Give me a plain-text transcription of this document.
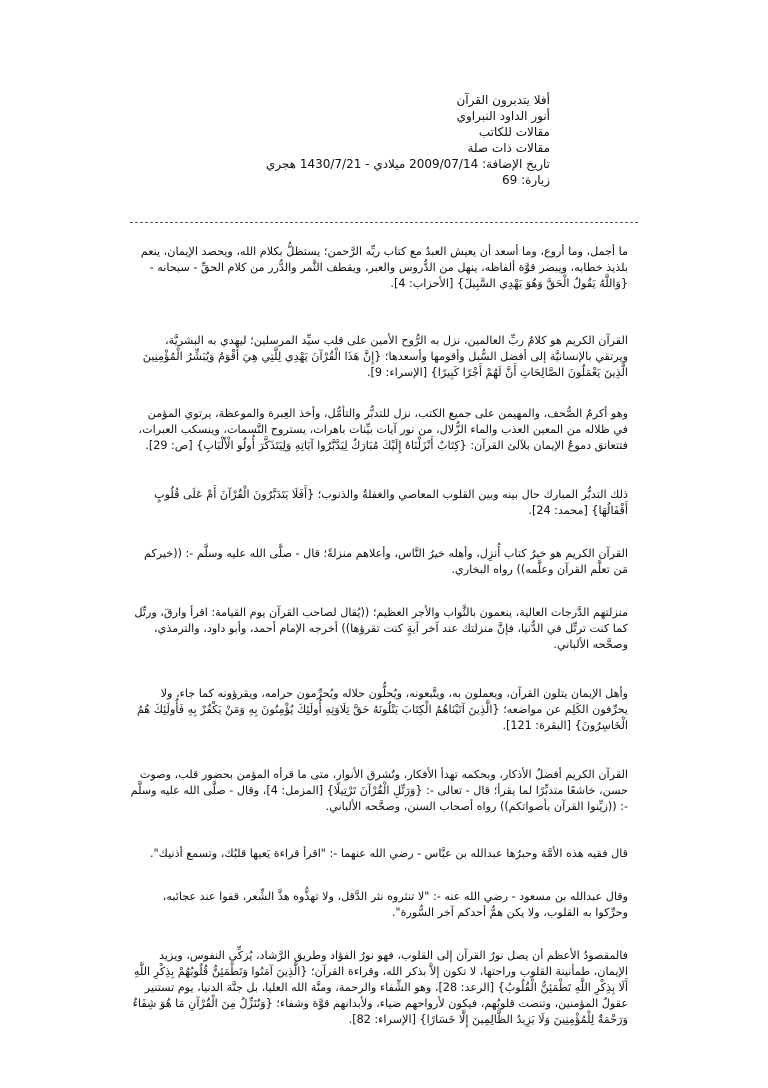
أفلا يتدبرون القرآن
أنور الداود النبراوي
مقالات للكاتب
مقالات ذات صلة
تاريخ الإضافة: 2009/07/14 ميلادي - 1430/7/21 هجري
زيارة: 69

ما أجمل، وما أروع، وما أسعد أن يعيش العبدُ مع كتاب ربِّه الرَّحمن؛ يستظلُّ بكلام الله، ويحصد الإيمان، ينعم بلذيذ خطابه، ويبصر قوَّة ألفاظه، ينهل من الدُّروس والعبر، ويقطف الثَّمر والدُّرر من كلام الحقِّ - سبحانه - {وَاللَّهُ يَقُولُ الْحَقَّ وَهُوَ يَهْدِي السَّبِيلَ} [الأحزاب: 4].

القرآن الكريم هو كلامُ ربِّ العالمين، نزل به الرُّوح الأمين على قلب سيِّد المرسلين؛ ليهدي به البشريَّة، ويرتقي بالإنسانيَّة إلى أفضل السُّبل وأقومها وأسعدها؛ {إِنَّ هَذَا الْقُرْآنَ يَهْدِي لِلَّتِي هِيَ أَقْوَمُ وَيُبَشِّرُ الْمُؤْمِنِينَ الَّذِينَ يَعْمَلُونَ الصَّالِحَاتِ أَنَّ لَهُمْ أَجْرًا كَبِيرًا} [الإسراء: 9].

وهو أكرمُ الصُّحف، والمهيمن على جميع الكتب، نزل للتدبُّر والتأمُّل، وأخذ العِبرة والموعظة، يرتوي المؤمن في ظلاله من المعين العذب والماء الزُّلال، من نور آيات بيِّنات باهرات، يستروح النَّسمات، وينسكب العبرات، فتتعانق دموعُ الإيمان بلآلئ القرآن: {كِتَابٌ أَنْزَلْنَاهُ إِلَيْكَ مُبَارَكٌ لِيَدَّبَّرُوا آيَاتِهِ وَلِيَتَذَكَّرَ أُولُو الْأَلْبَابِ} [ص: 29].

ذلك التدبُّر المبارك حال بينه وبين القلوب المعاصي والغفلةُ والذنوب؛ {أَفَلَا يَتَدَبَّرُونَ الْقُرْآنَ أَمْ عَلَى قُلُوبٍ أَقْفَالُهَا} [محمد: 24].

القرآن الكريم هو خيرُ كتاب أُنزِل، وأهله خيرُ النَّاس، وأعلاهم منزلةً؛ قال - صلَّى الله عليه وسلَّم -: ((خيركم مَن تعلَّم القرآن وعلَّمه)) رواه البخاري.

منزلتهم الدَّرجات العالية، ينعمون بالثَّواب والأجر العظيم؛ ((يُقال لصاحب القرآن يوم القيامة: اقرأ وارقَ، ورتِّل كما كنت ترتِّل في الدُّنيا، فإنَّ منزلتك عند آخر آيةٍ كنت تقرؤها)) أخرجه الإمام أحمد، وأبو داود، والترمذي، وصحَّحه الألباني.

وأهل الإيمان يتلون القرآن، ويعملون به، ويتَّبعونه، ويُحلُّون حلاله ويُحرِّمون حرامه، ويقرؤونه كما جاء، ولا يحرِّفون الكَلِم عن مواضعه؛ {الَّذِينَ آتَيْنَاهُمُ الْكِتَابَ يَتْلُونَهُ حَقَّ تِلَاوَتِهِ أُولَئِكَ يُؤْمِنُونَ بِهِ وَمَنْ يَكْفُرْ بِهِ فَأُولَئِكَ هُمُ الْخَاسِرُونَ} [البقرة: 121].

القرآن الكريم أفضلُ الأذكار، وبحكمه تهدأ الأفكار، وتُشرق الأنوار، متى ما قرأه المؤمن بحضور قلب، وصوت حسن، خاشعًا متدبِّرًا لما يقرأ؛ قال - تعالى -: {وَرَتِّلِ الْقُرْآنَ تَرْتِيلًا} [المزمل: 4]، وقال - صلَّى الله عليه وسلَّم -: ((زيِّنوا القرآن بأصواتكم)) رواه أصحاب السنن، وصحَّحه الألباني.

قال فقيه هذه الأمَّة وحبرُها عبدالله بن عبَّاس - رضي الله عنهما -: "اقرأ قراءة يَعيها قلبُك، وتسمع أذنيك".

وقال عبدالله بن مسعود - رضي الله عنه -: "لا تنثروه نثر الدَّقل، ولا تهذُّوه هذَّ الشِّعر، قفوا عند عجائبه، وحرِّكوا به القلوب، ولا يكن همُّ أحدكم آخر السُّورة".

فالمقصودُ الأعظم أن يصل نورُ القرآن إلى القلوب، فهو نورُ الفؤاد وطريق الرَّشاد، يُزكِّي النفوس، ويزيد الإيمان، طمأنينة القلوب وراحتها، لا تكون إلاَّ بذكر الله، وقراءة القرآن؛ {الَّذِينَ آمَنُوا وَتَطْمَئِنُّ قُلُوبُهُمْ بِذِكْرِ اللَّهِ أَلَا بِذِكْرِ اللَّهِ تَطْمَئِنُّ الْقُلُوبُ} [الرعد: 28]، وهو الشِّفاء والرحمة، ومنَّة الله العليا، بل جنَّة الدنيا، يوم تستنير عقولُ المؤمنين، وتنصت قلوبُهم، فيكون لأرواحهم ضياء، ولأبدانهم قوَّة وشفاء؛ {وَنُنَزِّلُ مِنَ الْقُرْآنِ مَا هُوَ شِفَاءٌ وَرَحْمَةٌ لِلْمُؤْمِنِينَ وَلَا يَزِيدُ الظَّالِمِينَ إِلَّا خَسَارًا} [الإسراء: 82].
